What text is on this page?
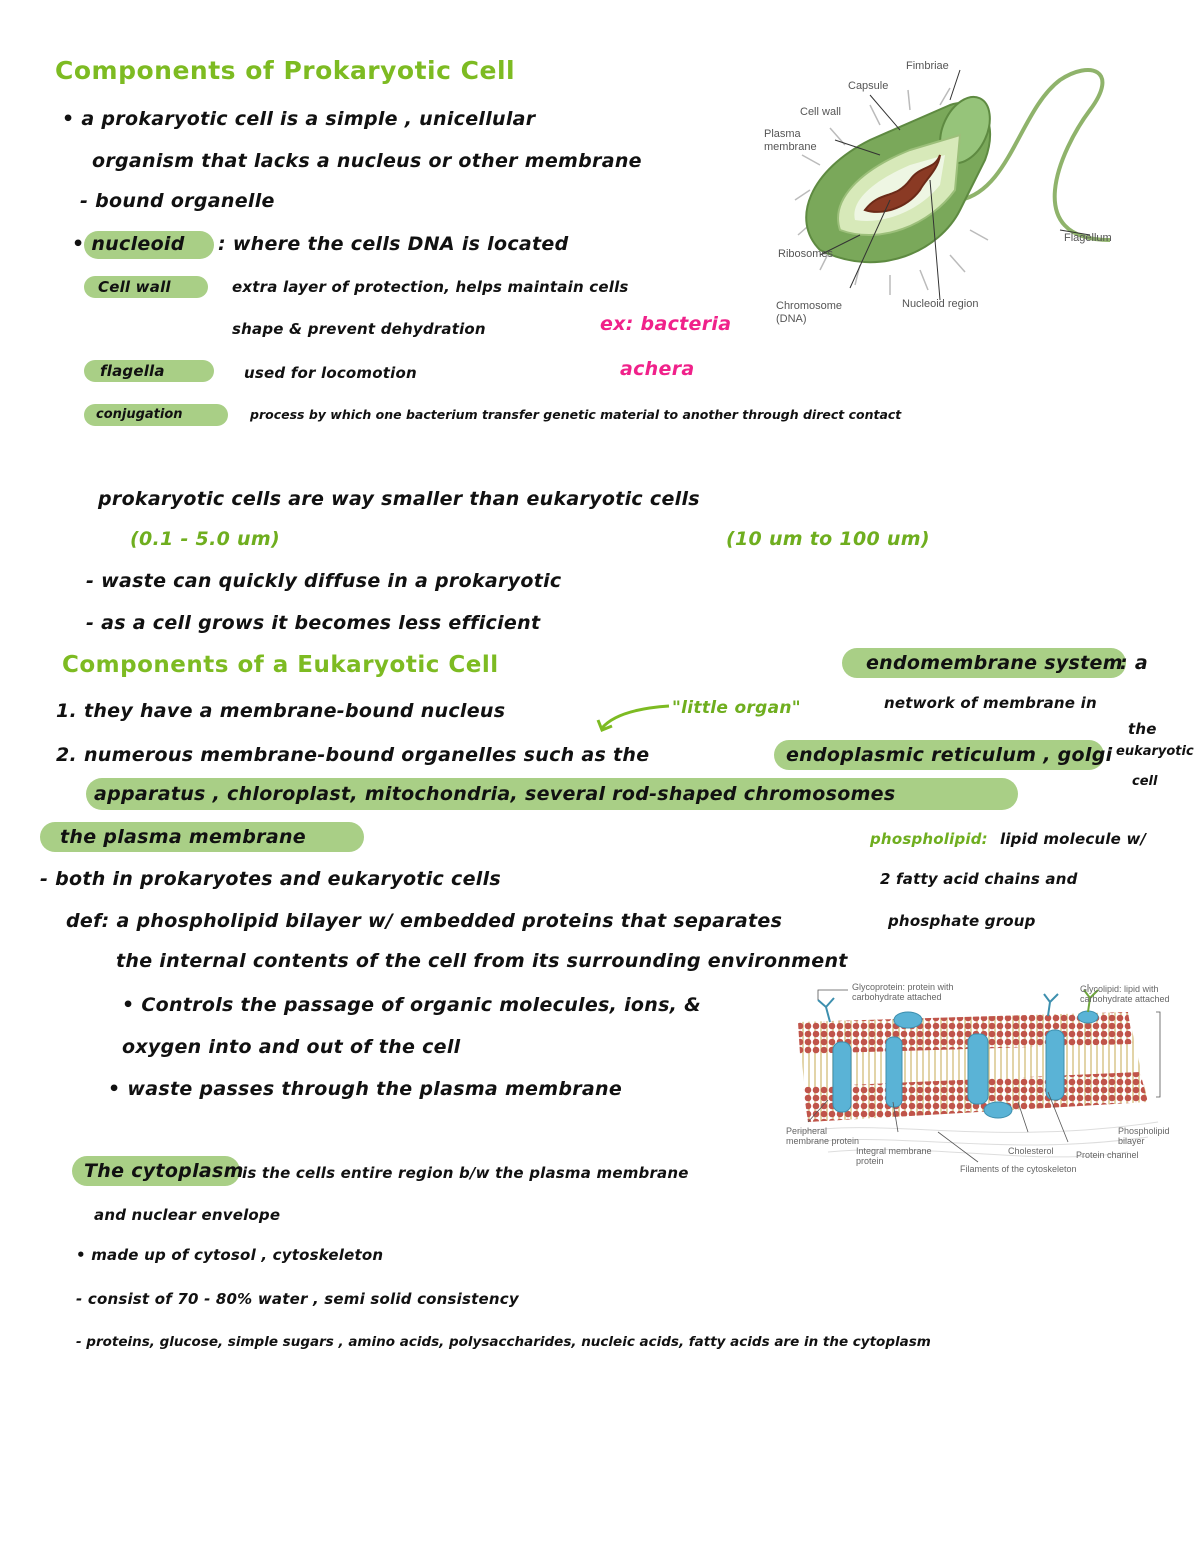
Components of Prokaryotic Cell
• a prokaryotic cell is a simple , unicellular
organism that lacks a nucleus or other membrane
- bound organelle
• nucleoid : where the cells DNA is located
Cell wall	extra layer of protection, helps maintain cells
shape & prevent dehydration	ex: bacteria
achera
flagella	used for locomotion
conjugation	process by which one bacterium transfer genetic material to another through direct contact
Fimbriae
Capsule
Cell wall
Plasma membrane
Flagellum
Ribosomes
Chromosome (DNA)
Nucleoid region
prokaryotic cells are way smaller than eukaryotic cells
(0.1 - 5.0 um)	(10 um to 100 um)
- waste can quickly diffuse in a prokaryotic
- as a cell grows it becomes less efficient
Components of a Eukaryotic Cell	endomembrane system
: a
network of membrane in
the
eukaryotic
cell
1. they have a membrane-bound nucleus	"little organ"
2. numerous membrane-bound organelles such as the	endoplasmic reticulum , golgi
apparatus , chloroplast, mitochondria, several rod-shaped chromosomes
the plasma membrane	phospholipid: lipid molecule w/
2 fatty acid chains and
phosphate group
- both in prokaryotes and eukaryotic cells
def: a phospholipid bilayer w/ embedded proteins that separates
the internal contents of the cell from its surrounding environment
• Controls the passage of organic molecules, ions, &
oxygen into and out of the cell
• waste passes through the plasma membrane
Glycoprotein: protein with carbohydrate attached
Glycolipid: lipid with carbohydrate attached
Peripheral membrane protein
Integral membrane protein
Cholesterol
Phospholipid bilayer
Protein channel
Filaments of the cytoskeleton
The cytoplasm
is the cells entire region b/w the plasma membrane
and nuclear envelope
• made up of cytosol , cytoskeleton
- consist of 70 - 80% water , semi solid consistency
- proteins, glucose, simple sugars , amino acids, polysaccharides, nucleic acids, fatty acids are in the cytoplasm
